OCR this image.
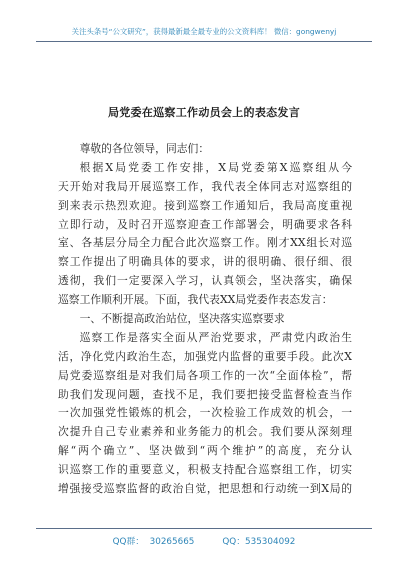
关注头条号“公文研究”，获得最新最全最专业的公文资料库！ 微信：gongwenyj
局党委在巡察工作动员会上的表态发言
尊敬的各位领导，同志们：
根据X局党委工作安排，X局党委第X巡察组从今
天开始对我局开展巡察工作，我代表全体同志对巡察组的
到来表示热烈欢迎。接到巡察工作通知后，我局高度重视
立即行动，及时召开巡察迎查工作部署会，明确要求各科
室、各基层分局全力配合此次巡察工作。刚才XX组长对巡
察工作提出了明确具体的要求，讲的很明确、很仔细、很
透彻，我们一定要深入学习，认真领会，坚决落实，确保
巡察工作顺利开展。下面，我代表XX局党委作表态发言：
一、不断提高政治站位，坚决落实巡察要求
巡察工作是落实全面从严治党要求，严肃党内政治生
活，净化党内政治生态，加强党内监督的重要手段。此次X
局党委巡察组是对我们局各项工作的一次“全面体检”，帮
助我们发现问题，查找不足，我们要把接受监督检查当作
一次加强党性锻炼的机会，一次检验工作成效的机会，一
次提升自己专业素养和业务能力的机会。我们要从深刻理
解“两个确立”、坚决做到“两个维护”的高度，充分认
识巡察工作的重要意义，积极支持配合巡察组工作，切实
增强接受巡察监督的政治自觉，把思想和行动统一到X局的
QQ群：  30265665          QQ：535304092
